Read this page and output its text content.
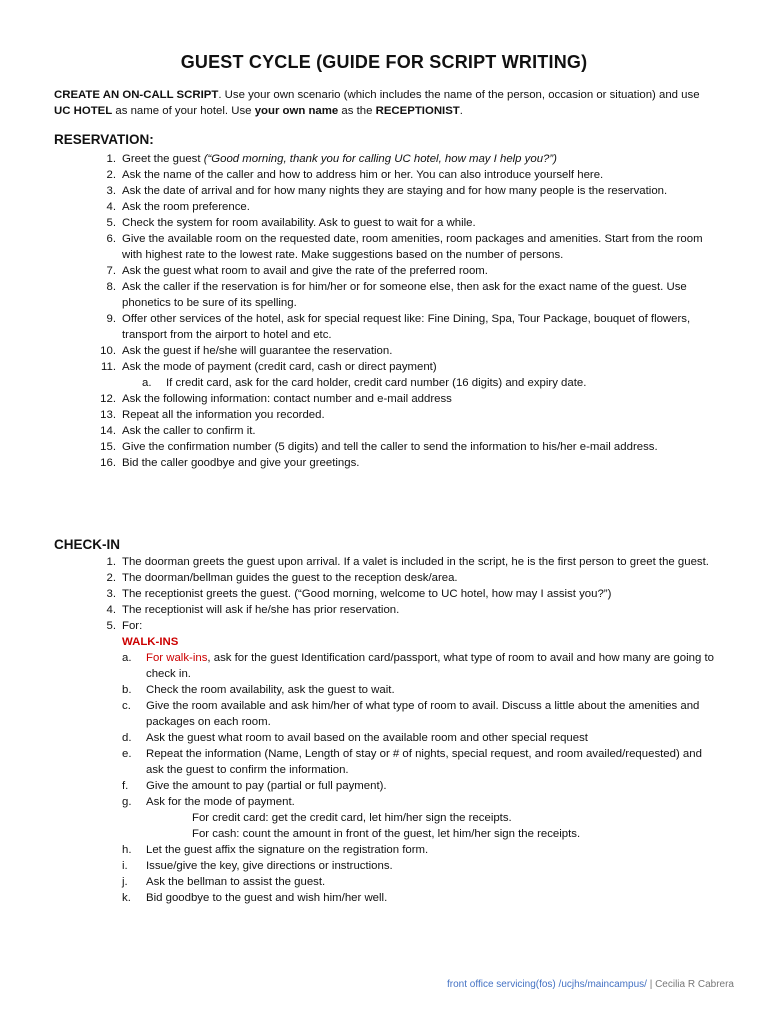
GUEST CYCLE (GUIDE FOR SCRIPT WRITING)
CREATE AN ON-CALL SCRIPT. Use your own scenario (which includes the name of the person, occasion or situation) and use UC HOTEL as name of your hotel. Use your own name as the RECEPTIONIST.
RESERVATION:
1 . Greet the guest (“Good morning, thank you for calling UC hotel, how may I help you?”)
2 . Ask the name of the caller and how to address him or her. You can also introduce yourself here.
3 . Ask the date of arrival and for how many nights they are staying and for how many people is the reservation.
4 . Ask the room preference.
5 . Check the system for room availability. Ask to guest to wait for a while.
6 . Give the available room on the requested date, room amenities, room packages and amenities. Start from the room with highest rate to the lowest rate. Make suggestions based on the number of persons.
7 . Ask the guest what room to avail and give the rate of the preferred room.
8 . Ask the caller if the reservation is for him/her or for someone else, then ask for the exact name of the guest. Use phonetics to be sure of its spelling.
9 . Offer other services of the hotel, ask for special request like: Fine Dining, Spa, Tour Package, bouquet of flowers, transport from the airport to hotel and etc.
10 . Ask the guest if he/she will guarantee the reservation.
11 . Ask the mode of payment (credit card, cash or direct payment)
a.	If credit card, ask for the card holder, credit card number (16 digits) and expiry date.
12 . Ask the following information: contact number and e-mail address
13 . Repeat all the information you recorded.
14 . Ask the caller to confirm it.
15 . Give the confirmation number (5 digits) and tell the caller to send the information to his/her e-mail address.
16 . Bid the caller goodbye and give your greetings.
CHECK-IN
1 . The doorman greets the guest upon arrival. If a valet is included in the script, he is the first person to greet the guest.
2 . The doorman/bellman guides the guest to the reception desk/area.
3 . The receptionist greets the guest. (“Good morning, welcome to UC hotel, how may I assist you?”)
4 . The receptionist will ask if he/she has prior reservation.
5 . For:
WALK-INS
a.	For walk-ins, ask for the guest Identification card/passport, what type of room to avail and how many are going to check in.
b.	Check the room availability, ask the guest to wait.
c.	Give the room available and ask him/her of what type of room to avail. Discuss a little about the amenities and packages on each room.
d.	Ask the guest what room to avail based on the available room and other special request
e.	Repeat the information (Name, Length of stay or # of nights, special request, and room availed/requested) and ask the guest to confirm the information.
f.	Give the amount to pay (partial or full payment).
g.	Ask for the mode of payment.
For credit card: get the credit card, let him/her sign the receipts.
For cash: count the amount in front of the guest, let him/her sign the receipts.
h.	Let the guest affix the signature on the registration form.
i.	Issue/give the key, give directions or instructions.
j.	Ask the bellman to assist the guest.
k.	Bid goodbye to the guest and wish him/her well.
front office servicing(fos) /ucjhs/maincampus/ | Cecilia R Cabrera
